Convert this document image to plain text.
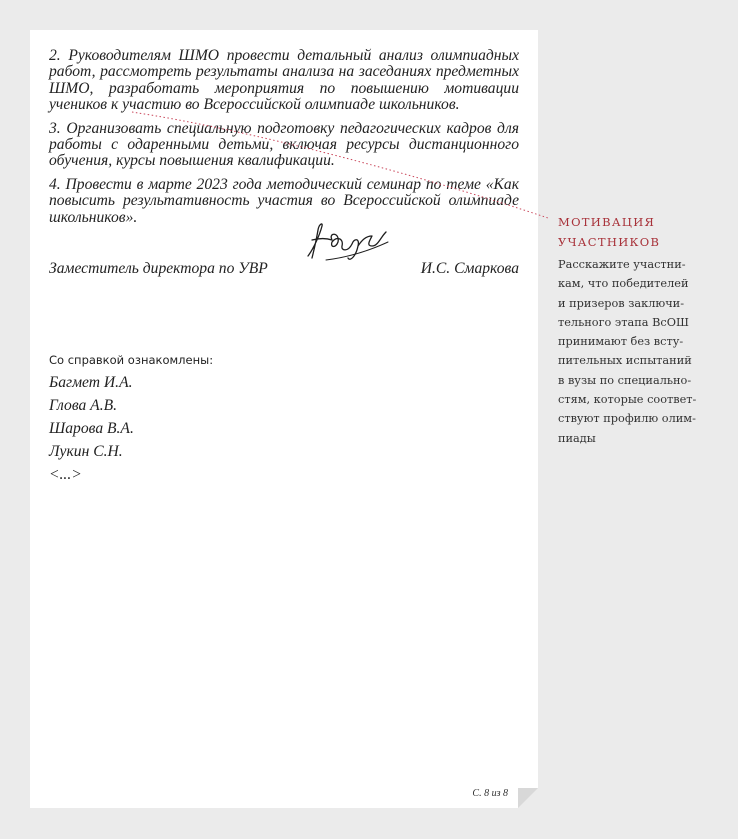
2. Руководителям ШМО провести детальный анализ олимпиадных работ, рассмотреть результаты анализа на заседаниях предметных ШМО, разработать мероприятия по повышению мотивации учеников к участию во Всероссийской олимпиаде школьников.

3. Организовать специальную подготовку педагогических кадров для работы с одаренными детьми, включая ресурсы дистанционного обучения, курсы повышения квалификации.

4. Провести в марте 2023 года методический семинар по теме «Как повысить результативность участия во Всероссийской олимпиаде школьников».

Заместитель директора по УВР	И.С. Смаркова
Со справкой ознакомлены:
Багмет И.А.
Глова А.В.
Шарова В.А.
Лукин С.Н.
<...>
С. 8 из 8
МОТИВАЦИЯ УЧАСТНИКОВ
Расскажите участни-
кам, что победителей
и призеров заключи-
тельного этапа ВсОШ
принимают без всту-
пительных испытаний
в вузы по специально-
стям, которые соответ-
ствуют профилю олим-
пиады
